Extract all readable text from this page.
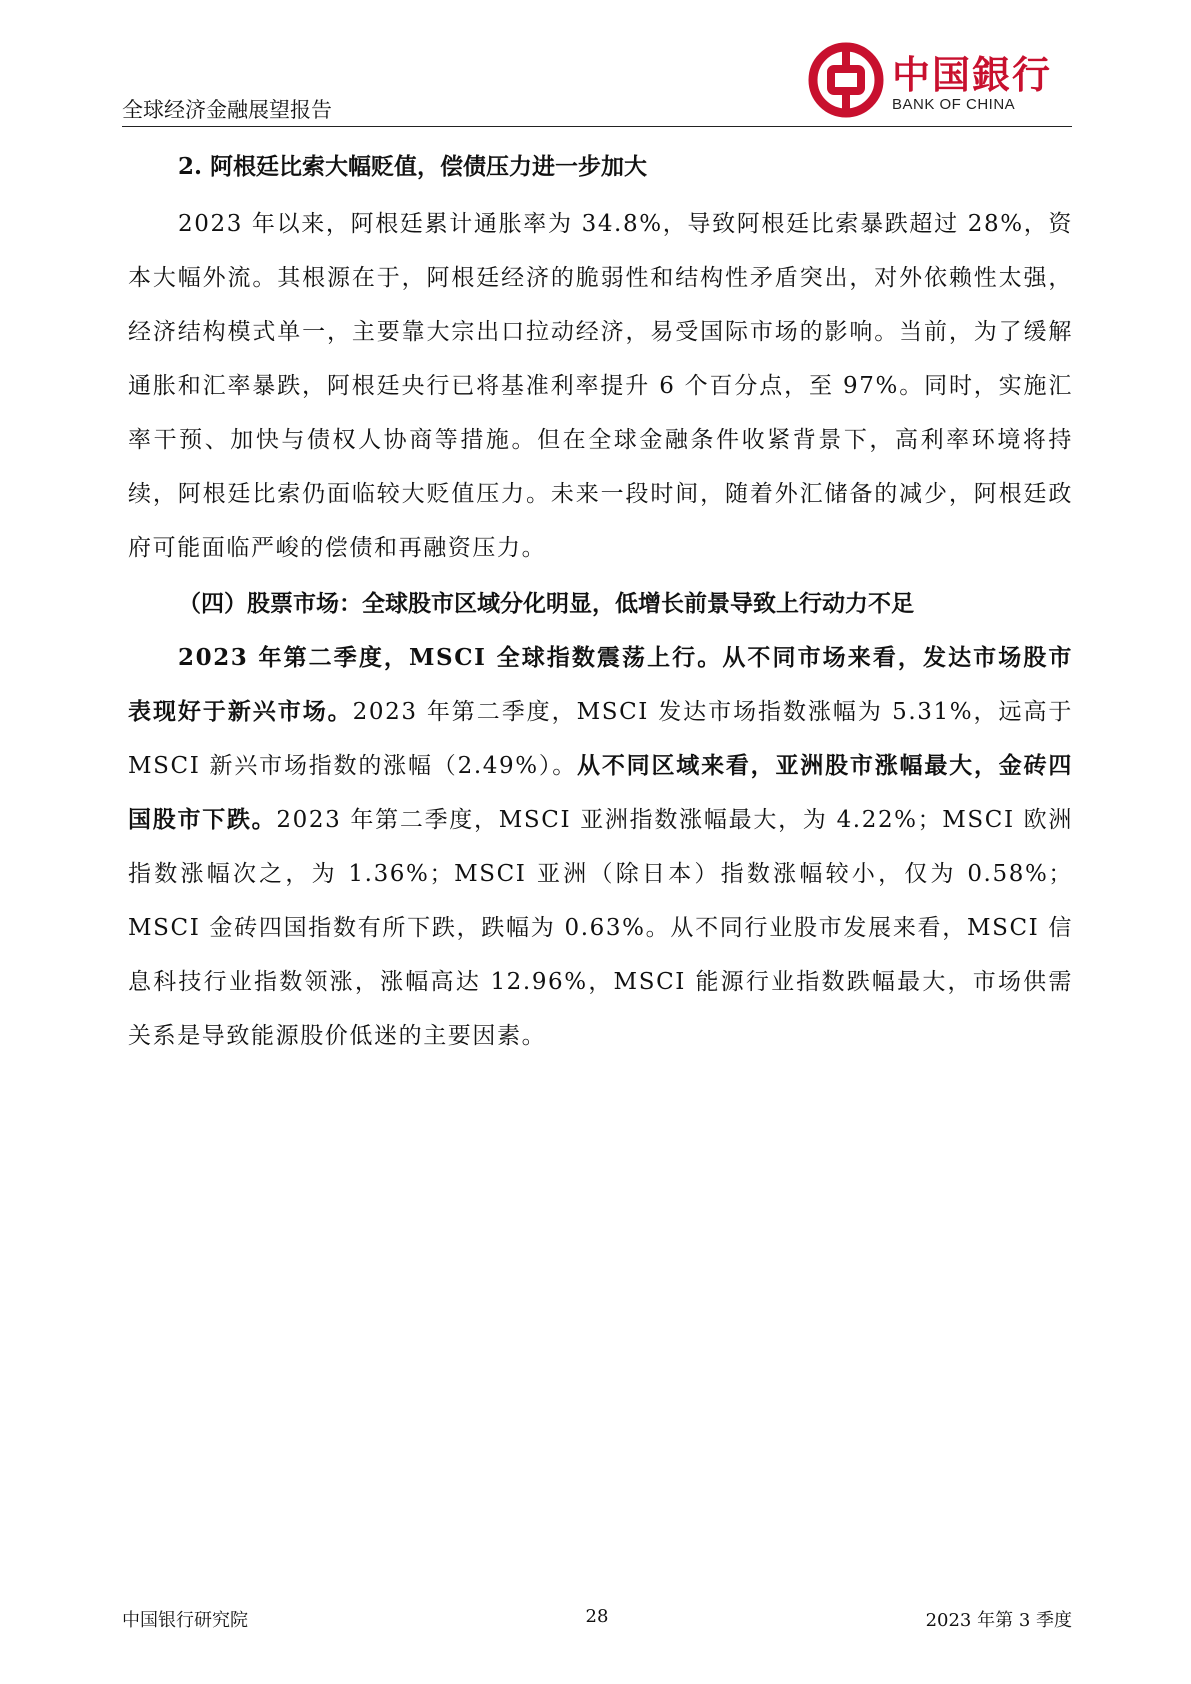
全球经济金融展望报告
中国銀行
BANK OF CHINA

2. 阿根廷比索大幅贬值，偿债压力进一步加大

2023 年以来，阿根廷累计通胀率为 34.8%，导致阿根廷比索暴跌超过 28%，资本大幅外流。其根源在于，阿根廷经济的脆弱性和结构性矛盾突出，对外依赖性太强，经济结构模式单一，主要靠大宗出口拉动经济，易受国际市场的影响。当前，为了缓解通胀和汇率暴跌，阿根廷央行已将基准利率提升 6 个百分点，至 97%。同时，实施汇率干预、加快与债权人协商等措施。但在全球金融条件收紧背景下，高利率环境将持续，阿根廷比索仍面临较大贬值压力。未来一段时间，随着外汇储备的减少，阿根廷政府可能面临严峻的偿债和再融资压力。

（四）股票市场：全球股市区域分化明显，低增长前景导致上行动力不足

2023 年第二季度，MSCI 全球指数震荡上行。从不同市场来看，发达市场股市表现好于新兴市场。2023 年第二季度，MSCI 发达市场指数涨幅为 5.31%，远高于 MSCI 新兴市场指数的涨幅（2.49%）。从不同区域来看，亚洲股市涨幅最大，金砖四国股市下跌。2023 年第二季度，MSCI 亚洲指数涨幅最大，为 4.22%；MSCI 欧洲指数涨幅次之，为 1.36%；MSCI 亚洲（除日本）指数涨幅较小，仅为 0.58%；MSCI 金砖四国指数有所下跌，跌幅为 0.63%。从不同行业股市发展来看，MSCI 信息科技行业指数领涨，涨幅高达 12.96%，MSCI 能源行业指数跌幅最大，市场供需关系是导致能源股价低迷的主要因素。

中国银行研究院	28	2023 年第 3 季度
